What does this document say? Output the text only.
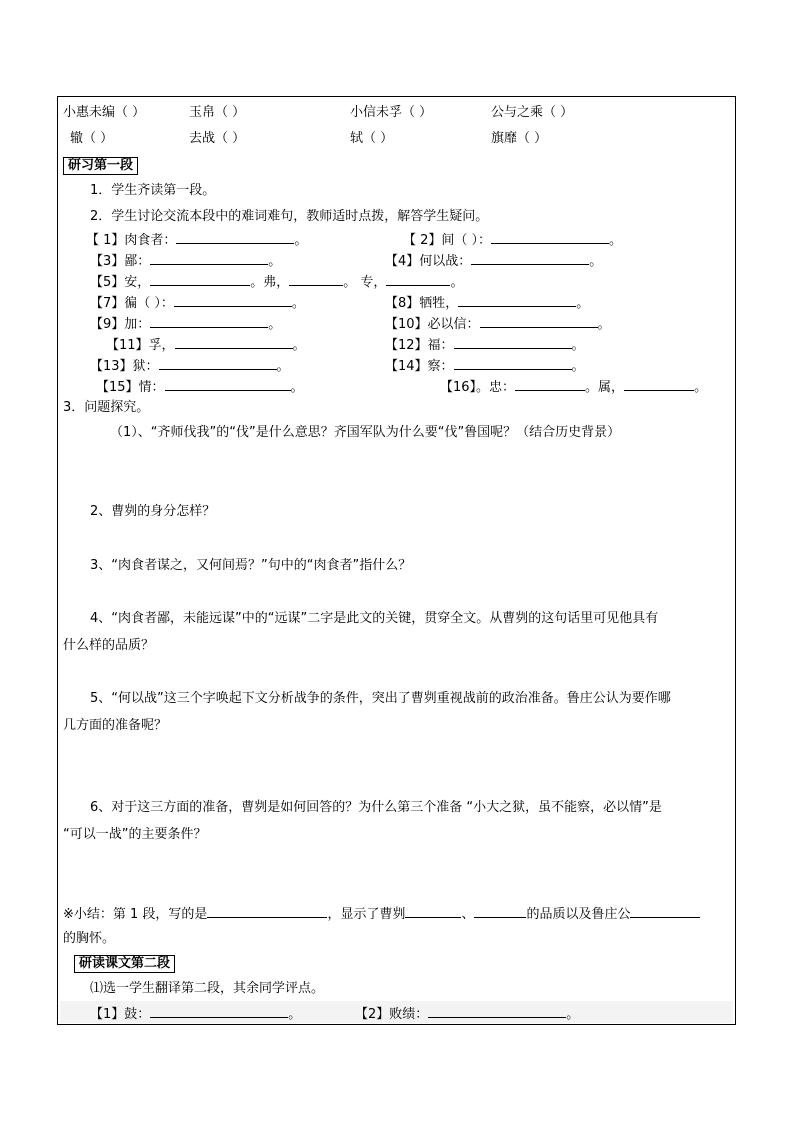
小惠未编（ ）	玉帛（ ）	小信未孚（ ）	公与之乘（ ）
辙（ ）	去战（ ）	轼（ ）	旗靡（ ）
研习第一段
1．学生齐读第一段。
2．学生讨论交流本段中的难词难句，教师适时点拨，解答学生疑问。
【 1】肉食者：	。	【 2】间（ ）：	。
【3】鄙：	。	【4】何以战：	。
【5】安，	。弗，	。 专，	。
【7】徧（ ）：	。	【8】牺牲，	。
【9】加：	。	【10】必以信：	。
【11】孚，	。	【12】福：	。
【13】狱：	。	【14】察：	。
【15】情：	。	【16】。忠：	。属，	。
3．问题探究。
（1）、“齐师伐我”的“伐”是什么意思？齐国军队为什么要“伐”鲁国呢？（结合历史背景）
2、曹刿的身分怎样？
3、“肉食者谋之，又何间焉？”句中的“肉食者”指什么？
4、“肉食者鄙，未能远谋”中的“远谋”二字是此文的关键，贯穿全文。从曹刿的这句话里可见他具有
什么样的品质？
5、“何以战”这三个字唤起下文分析战争的条件，突出了曹刿重视战前的政治准备。鲁庄公认为要作哪
几方面的准备呢？
6、对于这三方面的准备，曹刿是如何回答的？为什么第三个准备 “小大之狱，虽不能察，必以情”是
“可以一战”的主要条件？
※小结：第 1 段，写的是	，显示了曹刿	、	的品质以及鲁庄公
的胸怀。
研读课文第二段
⑴选一学生翻译第二段，其余同学评点。
【1】鼓：	。	【2】败绩：	。
